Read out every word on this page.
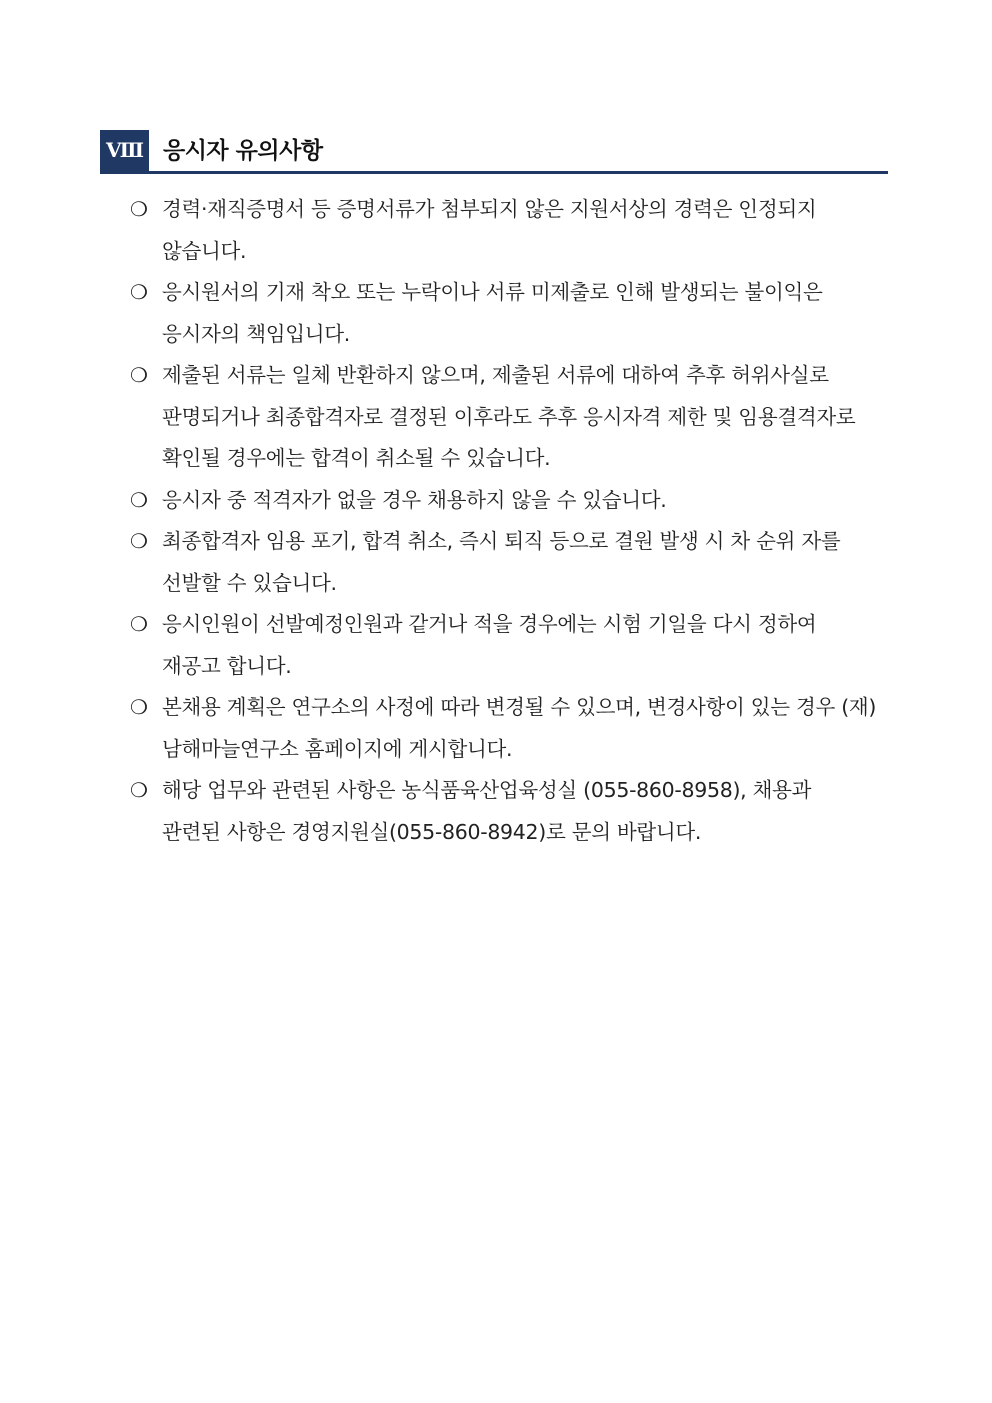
Ⅷ 응시자 유의사항
❍ 경력·재직증명서 등 증명서류가 첨부되지 않은 지원서상의 경력은 인정되지 않습니다.
❍ 응시원서의 기재 착오 또는 누락이나 서류 미제출로 인해 발생되는 불이익은 응시자의 책임입니다.
❍ 제출된 서류는 일체 반환하지 않으며, 제출된 서류에 대하여 추후 허위사실로 판명되거나 최종합격자로 결정된 이후라도 추후 응시자격 제한 및 임용결격자로 확인될 경우에는 합격이 취소될 수 있습니다.
❍ 응시자 중 적격자가 없을 경우 채용하지 않을 수 있습니다.
❍ 최종합격자 임용 포기, 합격 취소, 즉시 퇴직 등으로 결원 발생 시 차 순위 자를 선발할 수 있습니다.
❍ 응시인원이 선발예정인원과 같거나 적을 경우에는 시험 기일을 다시 정하여 재공고 합니다.
❍ 본채용 계획은 연구소의 사정에 따라 변경될 수 있으며, 변경사항이 있는 경우 (재)남해마늘연구소 홈페이지에 게시합니다.
❍ 해당 업무와 관련된 사항은 농식품육산업육성실 (055-860-8958), 채용과 관련된 사항은 경영지원실(055-860-8942)로 문의 바랍니다.
